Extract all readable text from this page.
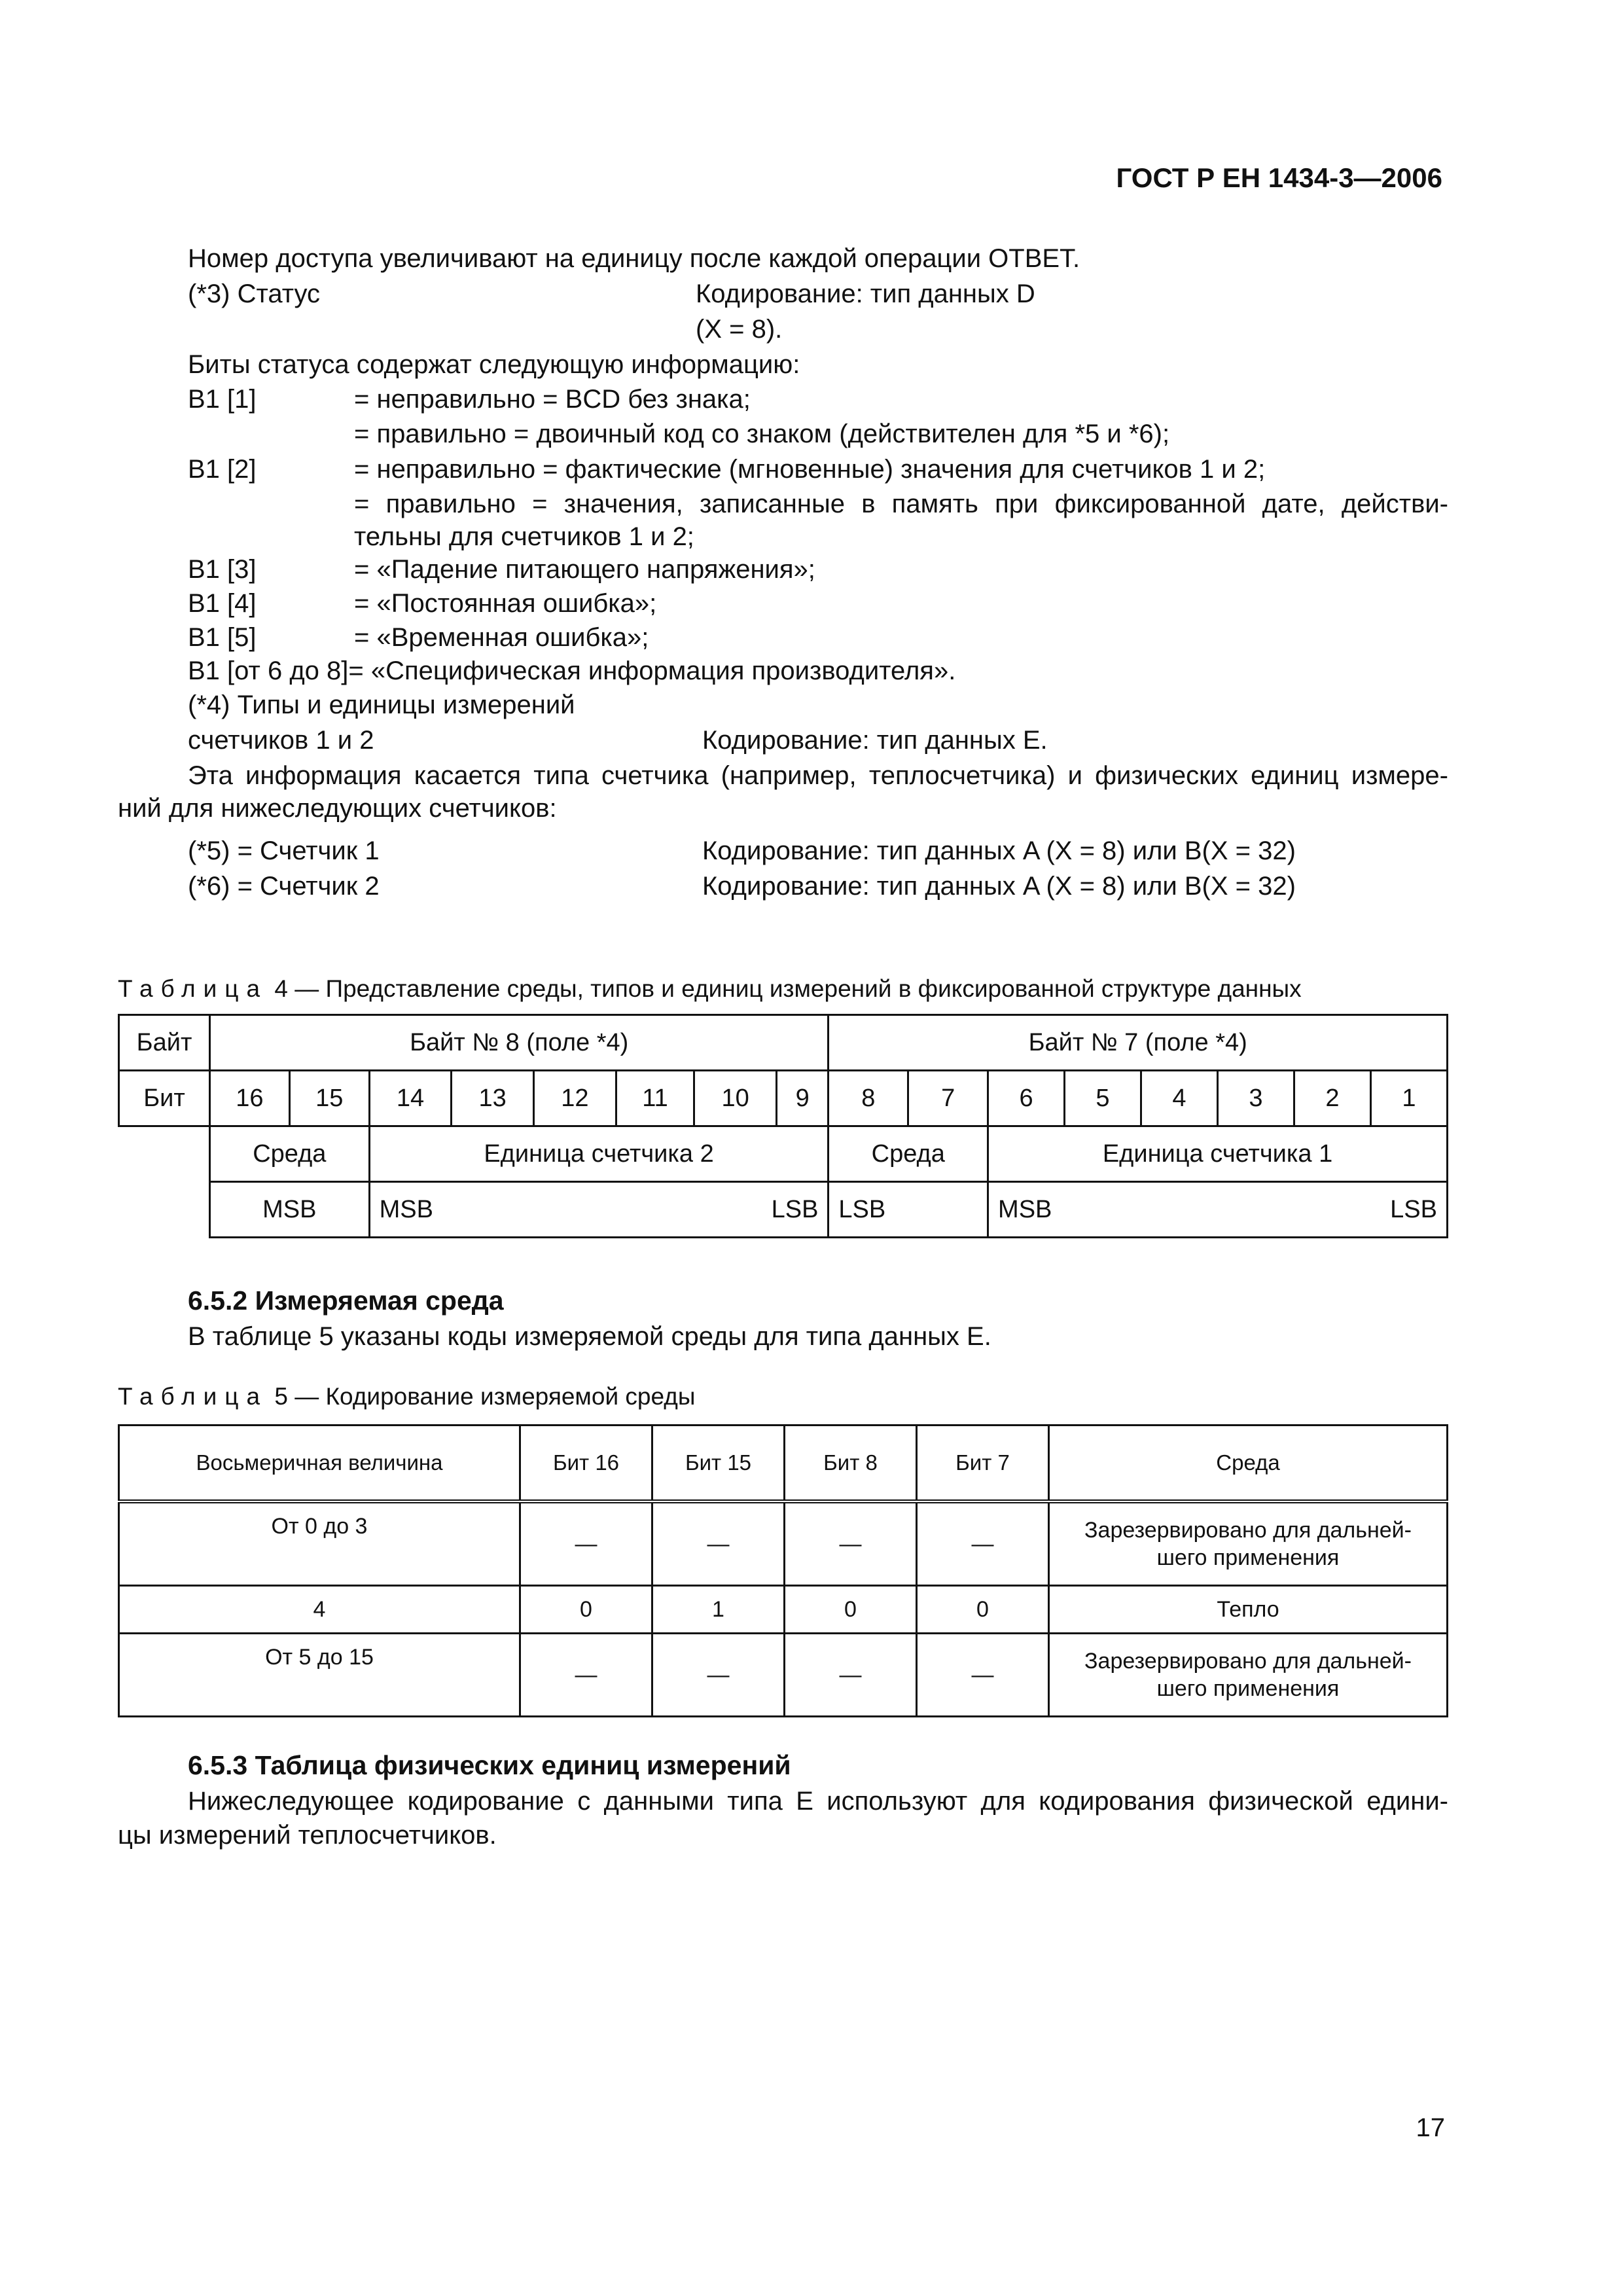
ГОСТ Р ЕН 1434-3—2006
Номер доступа увеличивают на единицу после каждой операции ОТВЕТ.
(*3) Статус	Кодирование: тип данных D
(X = 8).
Биты статуса содержат следующую информацию:
B1 [1]	= неправильно = BCD без знака;
= правильно = двоичный код со знаком (действителен для *5 и *6);
B1 [2]	= неправильно = фактические (мгновенные) значения для счетчиков 1 и 2;
= правильно = значения, записанные в память при фиксированной дате, действи-
тельны для счетчиков 1 и 2;
B1 [3]	= «Падение питающего напряжения»;
B1 [4]	= «Постоянная ошибка»;
B1 [5]	= «Временная ошибка»;
B1 [от 6 до 8]= «Специфическая информация производителя».
(*4) Типы и единицы измерений
счетчиков 1 и 2	Кодирование: тип данных E.
Эта информация касается типа счетчика (например, теплосчетчика) и физических единиц измере-
ний для нижеследующих счетчиков:
(*5) = Счетчик 1	Кодирование: тип данных A (X = 8) или B(X = 32)
(*6) = Счетчик 2	Кодирование: тип данных A (X = 8) или B(X = 32)
Таблица 4 — Представление среды, типов и единиц измерений в фиксированной структуре данных
Байт	Байт № 8 (поле *4)								Байт № 7 (поле *4)							
Бит	16	15	14	13	12	11	10	9	8	7	6	5	4	3	2	1
	Среда		Единица счетчика 2						Среда		Единица счетчика 1					
	MSB		MSB LSB						LSB		MSB LSB					
6.5.2 Измеряемая среда
В таблице 5 указаны коды измеряемой среды для типа данных E.
Таблица 5 — Кодирование измеряемой среды
Восьмеричная величина	Бит 16	Бит 15	Бит 8	Бит 7	Среда
От 0 до 3	—	—	—	—	Зарезервировано для дальней-
шего применения

4	0	1	0	0	Тепло
От 5 до 15	—	—	—	—	Зарезервировано для дальней-
шего применения
6.5.3 Таблица физических единиц измерений
Нижеследующее кодирование с данными типа E используют для кодирования физической едини-
цы измерений теплосчетчиков.
17
